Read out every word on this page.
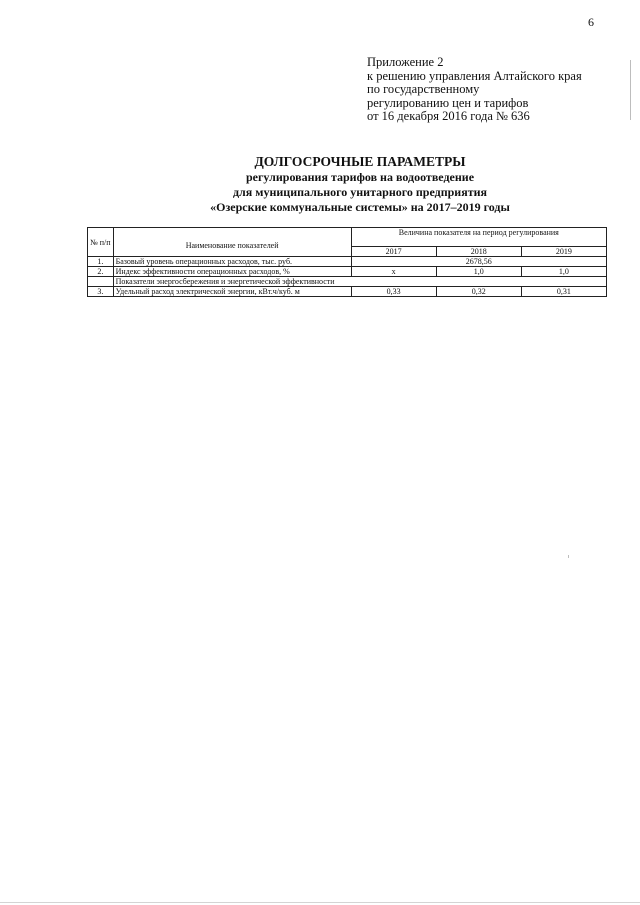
6
Приложение 2
к решению управления Алтайского края
по государственному
регулированию цен и тарифов
от 16 декабря 2016 года № 636
ДОЛГОСРОЧНЫЕ ПАРАМЕТРЫ
регулирования тарифов на водоотведение
для муниципального унитарного предприятия
«Озерские коммунальные системы» на 2017–2019 годы
№ п/п	Наименование показателей	Величина показателя на период регулирования		
		2017	2018	2019
1.	Базовый уровень операционных расходов, тыс. руб.	2678,56		
2.	Индекс эффективности операционных расходов, %	х	1,0	1,0
	Показатели энергосбережения и энергетической эффективности			
3.	Удельный расход электрической энергии, кВт.ч/куб. м	0,33	0,32	0,31
